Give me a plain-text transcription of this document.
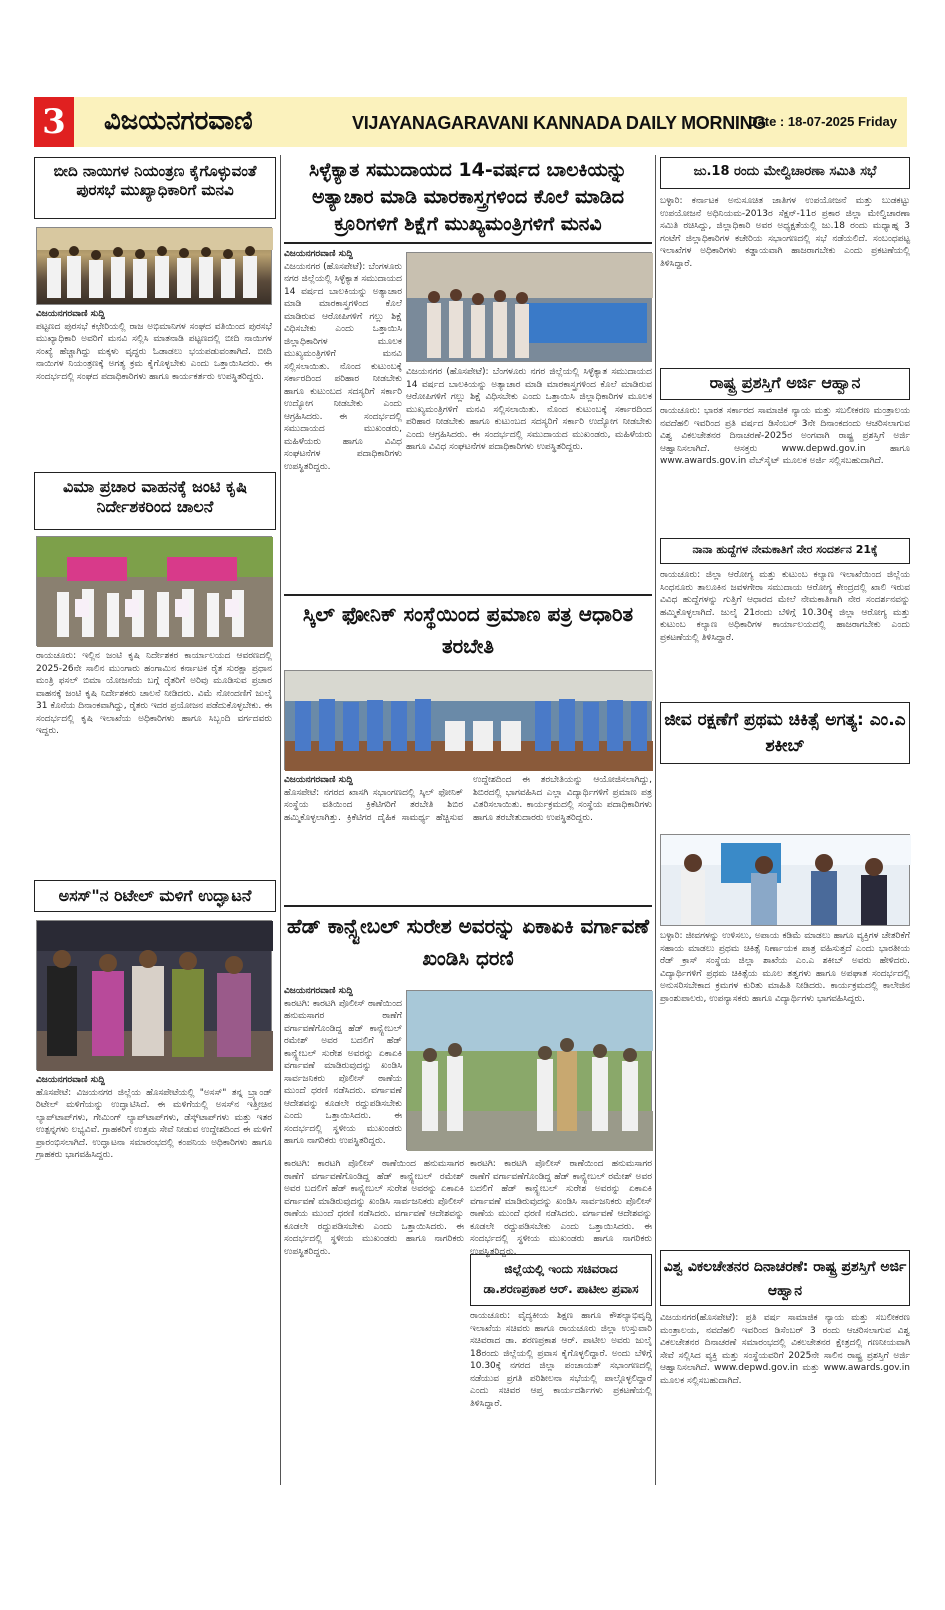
3	ವಿಜಯನಗರವಾಣಿ	VIJAYANAGARAVANI KANNADA DAILY MORNING
Date : 18-07-2025 Friday
ಬೀದಿ ನಾಯಿಗಳ ನಿಯಂತ್ರಣ ಕೈಗೊಳ್ಳುವಂತೆ ಪುರಸಭೆ ಮುಖ್ಯಾಧಿಕಾರಿಗೆ ಮನವಿ
ವಿಜಯನಗರವಾಣಿ ಸುದ್ದಿ
ಪಟ್ಟಣದ ಪುರಸಭೆ ಕಛೇರಿಯಲ್ಲಿ ರಾಜ ಅಭಿಮಾನಿಗಳ ಸಂಘದ ವತಿಯಿಂದ ಪುರಸಭೆ ಮುಖ್ಯಾಧಿಕಾರಿ ಅವರಿಗೆ ಮನವಿ ಸಲ್ಲಿಸಿ ಮಾತನಾಡಿ ಪಟ್ಟಣದಲ್ಲಿ ಬೀದಿ ನಾಯಿಗಳ ಸಂಖ್ಯೆ ಹೆಚ್ಚಾಗಿದ್ದು ಮಕ್ಕಳು ವೃದ್ಧರು ಓಡಾಡಲು ಭಯಪಡುವಂತಾಗಿದೆ. ಬೀದಿ ನಾಯಿಗಳ ನಿಯಂತ್ರಣಕ್ಕೆ ಅಗತ್ಯ ಕ್ರಮ ಕೈಗೊಳ್ಳಬೇಕು ಎಂದು ಒತ್ತಾಯಿಸಿದರು. ಈ ಸಂದರ್ಭದಲ್ಲಿ ಸಂಘದ ಪದಾಧಿಕಾರಿಗಳು ಹಾಗೂ ಕಾರ್ಯಕರ್ತರು ಉಪಸ್ಥಿತರಿದ್ದರು.
ವಿಮಾ ಪ್ರಚಾರ ವಾಹನಕ್ಕೆ ಜಂಟಿ ಕೃಷಿ ನಿರ್ದೇಶಕರಿಂದ ಚಾಲನೆ
ರಾಯಚೂರು: ಇಲ್ಲಿನ ಜಂಟಿ ಕೃಷಿ ನಿರ್ದೇಶಕರ ಕಾರ್ಯಾಲಯದ ಆವರಣದಲ್ಲಿ 2025-26ನೇ ಸಾಲಿನ ಮುಂಗಾರು ಹಂಗಾಮಿನ ಕರ್ನಾಟಕ ರೈತ ಸುರಕ್ಷಾ ಪ್ರಧಾನ ಮಂತ್ರಿ ಫಸಲ್ ಬಿಮಾ ಯೋಜನೆಯ ಬಗ್ಗೆ ರೈತರಿಗೆ ಅರಿವು ಮೂಡಿಸುವ ಪ್ರಚಾರ ವಾಹನಕ್ಕೆ ಜಂಟಿ ಕೃಷಿ ನಿರ್ದೇಶಕರು ಚಾಲನೆ ನೀಡಿದರು. ವಿಮೆ ನೋಂದಣಿಗೆ ಜುಲೈ 31 ಕೊನೆಯ ದಿನಾಂಕವಾಗಿದ್ದು, ರೈತರು ಇದರ ಪ್ರಯೋಜನ ಪಡೆದುಕೊಳ್ಳಬೇಕು. ಈ ಸಂದರ್ಭದಲ್ಲಿ ಕೃಷಿ ಇಲಾಖೆಯ ಅಧಿಕಾರಿಗಳು ಹಾಗೂ ಸಿಬ್ಬಂದಿ ವರ್ಗದವರು ಇದ್ದರು.
ಅಸಸ್"ನ ರಿಟೇಲ್ ಮಳಿಗೆ ಉದ್ಘಾಟನೆ
ವಿಜಯನಗರವಾಣಿ ಸುದ್ದಿ
ಹೊಸಪೇಟೆ: ವಿಜಯನಗರ ಜಿಲ್ಲೆಯ ಹೊಸಪೇಟೆಯಲ್ಲಿ "ಅಸಸ್" ತನ್ನ ಬ್ರ್ಯಾಂಡ್ ರಿಟೇಲ್ ಮಳಿಗೆಯನ್ನು ಉದ್ಘಾಟಿಸಿದೆ. ಈ ಮಳಿಗೆಯಲ್ಲಿ ಅಸಸ್‌ನ ಇತ್ತೀಚಿನ ಲ್ಯಾಪ್‌ಟಾಪ್‌ಗಳು, ಗೇಮಿಂಗ್ ಲ್ಯಾಪ್‌ಟಾಪ್‌ಗಳು, ಡೆಸ್ಕ್‌ಟಾಪ್‌ಗಳು ಮತ್ತು ಇತರ ಉತ್ಪನ್ನಗಳು ಲಭ್ಯವಿವೆ. ಗ್ರಾಹಕರಿಗೆ ಉತ್ತಮ ಸೇವೆ ನೀಡುವ ಉದ್ದೇಶದಿಂದ ಈ ಮಳಿಗೆ ಪ್ರಾರಂಭಿಸಲಾಗಿದೆ. ಉದ್ಘಾಟನಾ ಸಮಾರಂಭದಲ್ಲಿ ಕಂಪನಿಯ ಅಧಿಕಾರಿಗಳು ಹಾಗೂ ಗ್ರಾಹಕರು ಭಾಗವಹಿಸಿದ್ದರು.
ಸಿಳ್ಳೆಕ್ಯಾತ ಸಮುದಾಯದ 14-ವರ್ಷದ ಬಾಲಕಿಯನ್ನು ಅತ್ಯಾಚಾರ ಮಾಡಿ ಮಾರಕಾಸ್ತ್ರಗಳಿಂದ ಕೊಲೆ ಮಾಡಿದ ಕ್ರೂರಿಗಳಿಗೆ ಶಿಕ್ಷೆಗೆ ಮುಖ್ಯಮಂತ್ರಿಗಳಿಗೆ ಮನವಿ
ವಿಜಯನಗರವಾಣಿ ಸುದ್ದಿ
ವಿಜಯನಗರ (ಹೊಸಪೇಟೆ): ಬೆಂಗಳೂರು ನಗರ ಜಿಲ್ಲೆಯಲ್ಲಿ ಸಿಳ್ಳೆಕ್ಯಾತ ಸಮುದಾಯದ 14 ವರ್ಷದ ಬಾಲಕಿಯನ್ನು ಅತ್ಯಾಚಾರ ಮಾಡಿ ಮಾರಕಾಸ್ತ್ರಗಳಿಂದ ಕೊಲೆ ಮಾಡಿರುವ ಆರೋಪಿಗಳಿಗೆ ಗಲ್ಲು ಶಿಕ್ಷೆ ವಿಧಿಸಬೇಕು ಎಂದು ಒತ್ತಾಯಿಸಿ ಜಿಲ್ಲಾಧಿಕಾರಿಗಳ ಮೂಲಕ ಮುಖ್ಯಮಂತ್ರಿಗಳಿಗೆ ಮನವಿ ಸಲ್ಲಿಸಲಾಯಿತು. ನೊಂದ ಕುಟುಂಬಕ್ಕೆ ಸರ್ಕಾರದಿಂದ ಪರಿಹಾರ ನೀಡಬೇಕು ಹಾಗೂ ಕುಟುಂಬದ ಸದಸ್ಯರಿಗೆ ಸರ್ಕಾರಿ ಉದ್ಯೋಗ ನೀಡಬೇಕು ಎಂದು ಆಗ್ರಹಿಸಿದರು. ಈ ಸಂದರ್ಭದಲ್ಲಿ ಸಮುದಾಯದ ಮುಖಂಡರು, ಮಹಿಳೆಯರು ಹಾಗೂ ವಿವಿಧ ಸಂಘಟನೆಗಳ ಪದಾಧಿಕಾರಿಗಳು ಉಪಸ್ಥಿತರಿದ್ದರು.
ವಿಜಯನಗರ (ಹೊಸಪೇಟೆ): ಬೆಂಗಳೂರು ನಗರ ಜಿಲ್ಲೆಯಲ್ಲಿ ಸಿಳ್ಳೆಕ್ಯಾತ ಸಮುದಾಯದ 14 ವರ್ಷದ ಬಾಲಕಿಯನ್ನು ಅತ್ಯಾಚಾರ ಮಾಡಿ ಮಾರಕಾಸ್ತ್ರಗಳಿಂದ ಕೊಲೆ ಮಾಡಿರುವ ಆರೋಪಿಗಳಿಗೆ ಗಲ್ಲು ಶಿಕ್ಷೆ ವಿಧಿಸಬೇಕು ಎಂದು ಒತ್ತಾಯಿಸಿ ಜಿಲ್ಲಾಧಿಕಾರಿಗಳ ಮೂಲಕ ಮುಖ್ಯಮಂತ್ರಿಗಳಿಗೆ ಮನವಿ ಸಲ್ಲಿಸಲಾಯಿತು. ನೊಂದ ಕುಟುಂಬಕ್ಕೆ ಸರ್ಕಾರದಿಂದ ಪರಿಹಾರ ನೀಡಬೇಕು ಹಾಗೂ ಕುಟುಂಬದ ಸದಸ್ಯರಿಗೆ ಸರ್ಕಾರಿ ಉದ್ಯೋಗ ನೀಡಬೇಕು ಎಂದು ಆಗ್ರಹಿಸಿದರು. ಈ ಸಂದರ್ಭದಲ್ಲಿ ಸಮುದಾಯದ ಮುಖಂಡರು, ಮಹಿಳೆಯರು ಹಾಗೂ ವಿವಿಧ ಸಂಘಟನೆಗಳ ಪದಾಧಿಕಾರಿಗಳು ಉಪಸ್ಥಿತರಿದ್ದರು.
ಸ್ಕಿಲ್ ಫೋನಿಕ್ ಸಂಸ್ಥೆಯಿಂದ ಪ್ರಮಾಣ ಪತ್ರ ಆಧಾರಿತ ತರಬೇತಿ
ವಿಜಯನಗರವಾಣಿ ಸುದ್ದಿ
ಹೊಸಪೇಟೆ: ನಗರದ ಖಾಸಗಿ ಸಭಾಂಗಣದಲ್ಲಿ ಸ್ಕಿಲ್ ಫೋನಿಕ್ ಸಂಸ್ಥೆಯ ವತಿಯಿಂದ ಕ್ರಿಕೆಟಿಗರಿಗೆ ತರಬೇತಿ ಶಿಬಿರ ಹಮ್ಮಿಕೊಳ್ಳಲಾಗಿತ್ತು. ಕ್ರಿಕೆಟಿಗರ ದೈಹಿಕ ಸಾಮರ್ಥ್ಯ ಹೆಚ್ಚಿಸುವ ಉದ್ದೇಶದಿಂದ ಈ ತರಬೇತಿಯನ್ನು ಆಯೋಜಿಸಲಾಗಿದ್ದು, ಶಿಬಿರದಲ್ಲಿ ಭಾಗವಹಿಸಿದ ಎಲ್ಲಾ ವಿದ್ಯಾರ್ಥಿಗಳಿಗೆ ಪ್ರಮಾಣ ಪತ್ರ ವಿತರಿಸಲಾಯಿತು. ಕಾರ್ಯಕ್ರಮದಲ್ಲಿ ಸಂಸ್ಥೆಯ ಪದಾಧಿಕಾರಿಗಳು ಹಾಗೂ ತರಬೇತುದಾರರು ಉಪಸ್ಥಿತರಿದ್ದರು.
ಹೆಡ್ ಕಾನ್ಸ್ಟೇಬಲ್ ಸುರೇಶ ಅವರನ್ನು ಏಕಾಏಕಿ ವರ್ಗಾವಣೆ ಖಂಡಿಸಿ ಧರಣಿ
ವಿಜಯನಗರವಾಣಿ ಸುದ್ದಿ
ಕಾರಟಗಿ: ಕಾರಟಗಿ ಪೊಲೀಸ್ ಠಾಣೆಯಿಂದ ಹನುಮಸಾಗರ ಠಾಣೆಗೆ ವರ್ಗಾವಣೆಗೊಂಡಿದ್ದ ಹೆಡ್ ಕಾನ್ಸ್ಟೇಬಲ್ ರಮೇಶ್ ಅವರ ಬದಲಿಗೆ ಹೆಡ್ ಕಾನ್ಸ್ಟೇಬಲ್ ಸುರೇಶ ಅವರನ್ನು ಏಕಾಏಕಿ ವರ್ಗಾವಣೆ ಮಾಡಿರುವುದನ್ನು ಖಂಡಿಸಿ ಸಾರ್ವಜನಿಕರು ಪೊಲೀಸ್ ಠಾಣೆಯ ಮುಂದೆ ಧರಣಿ ನಡೆಸಿದರು. ವರ್ಗಾವಣೆ ಆದೇಶವನ್ನು ಕೂಡಲೇ ರದ್ದುಪಡಿಸಬೇಕು ಎಂದು ಒತ್ತಾಯಿಸಿದರು. ಈ ಸಂದರ್ಭದಲ್ಲಿ ಸ್ಥಳೀಯ ಮುಖಂಡರು ಹಾಗೂ ನಾಗರಿಕರು ಉಪಸ್ಥಿತರಿದ್ದರು.
ಕಾರಟಗಿ: ಕಾರಟಗಿ ಪೊಲೀಸ್ ಠಾಣೆಯಿಂದ ಹನುಮಸಾಗರ ಠಾಣೆಗೆ ವರ್ಗಾವಣೆಗೊಂಡಿದ್ದ ಹೆಡ್ ಕಾನ್ಸ್ಟೇಬಲ್ ರಮೇಶ್ ಅವರ ಬದಲಿಗೆ ಹೆಡ್ ಕಾನ್ಸ್ಟೇಬಲ್ ಸುರೇಶ ಅವರನ್ನು ಏಕಾಏಕಿ ವರ್ಗಾವಣೆ ಮಾಡಿರುವುದನ್ನು ಖಂಡಿಸಿ ಸಾರ್ವಜನಿಕರು ಪೊಲೀಸ್ ಠಾಣೆಯ ಮುಂದೆ ಧರಣಿ ನಡೆಸಿದರು. ವರ್ಗಾವಣೆ ಆದೇಶವನ್ನು ಕೂಡಲೇ ರದ್ದುಪಡಿಸಬೇಕು ಎಂದು ಒತ್ತಾಯಿಸಿದರು. ಈ ಸಂದರ್ಭದಲ್ಲಿ ಸ್ಥಳೀಯ ಮುಖಂಡರು ಹಾಗೂ ನಾಗರಿಕರು ಉಪಸ್ಥಿತರಿದ್ದರು.
ಜಿಲ್ಲೆಯಲ್ಲಿ ಇಂದು ಸಚಿವರಾದ ಡಾ.ಶರಣಪ್ರಕಾಶ ಆರ್. ಪಾಟೀಲ ಪ್ರವಾಸ
ರಾಯಚೂರು: ವೈದ್ಯಕೀಯ ಶಿಕ್ಷಣ ಹಾಗೂ ಕೌಶಲ್ಯಾಭಿವೃದ್ಧಿ ಇಲಾಖೆಯ ಸಚಿವರು ಹಾಗೂ ರಾಯಚೂರು ಜಿಲ್ಲಾ ಉಸ್ತುವಾರಿ ಸಚಿವರಾದ ಡಾ. ಶರಣಪ್ರಕಾಶ ಆರ್. ಪಾಟೀಲ ಅವರು ಜುಲೈ 18ರಂದು ಜಿಲ್ಲೆಯಲ್ಲಿ ಪ್ರವಾಸ ಕೈಗೊಳ್ಳಲಿದ್ದಾರೆ. ಅಂದು ಬೆಳಿಗ್ಗೆ 10.30ಕ್ಕೆ ನಗರದ ಜಿಲ್ಲಾ ಪಂಚಾಯತ್ ಸಭಾಂಗಣದಲ್ಲಿ ನಡೆಯುವ ಪ್ರಗತಿ ಪರಿಶೀಲನಾ ಸಭೆಯಲ್ಲಿ ಪಾಲ್ಗೊಳ್ಳಲಿದ್ದಾರೆ ಎಂದು ಸಚಿವರ ಆಪ್ತ ಕಾರ್ಯದರ್ಶಿಗಳು ಪ್ರಕಟಣೆಯಲ್ಲಿ ತಿಳಿಸಿದ್ದಾರೆ.
ಕಾರಟಗಿ: ಕಾರಟಗಿ ಪೊಲೀಸ್ ಠಾಣೆಯಿಂದ ಹನುಮಸಾಗರ ಠಾಣೆಗೆ ವರ್ಗಾವಣೆಗೊಂಡಿದ್ದ ಹೆಡ್ ಕಾನ್ಸ್ಟೇಬಲ್ ರಮೇಶ್ ಅವರ ಬದಲಿಗೆ ಹೆಡ್ ಕಾನ್ಸ್ಟೇಬಲ್ ಸುರೇಶ ಅವರನ್ನು ಏಕಾಏಕಿ ವರ್ಗಾವಣೆ ಮಾಡಿರುವುದನ್ನು ಖಂಡಿಸಿ ಸಾರ್ವಜನಿಕರು ಪೊಲೀಸ್ ಠಾಣೆಯ ಮುಂದೆ ಧರಣಿ ನಡೆಸಿದರು. ವರ್ಗಾವಣೆ ಆದೇಶವನ್ನು ಕೂಡಲೇ ರದ್ದುಪಡಿಸಬೇಕು ಎಂದು ಒತ್ತಾಯಿಸಿದರು. ಈ ಸಂದರ್ಭದಲ್ಲಿ ಸ್ಥಳೀಯ ಮುಖಂಡರು ಹಾಗೂ ನಾಗರಿಕರು ಉಪಸ್ಥಿತರಿದ್ದರು.
ಜು.18 ರಂದು ಮೇಲ್ವಿಚಾರಣಾ ಸಮಿತಿ ಸಭೆ
ಬಳ್ಳಾರಿ: ಕರ್ನಾಟಕ ಅನುಸೂಚಿತ ಜಾತಿಗಳ ಉಪಯೋಜನೆ ಮತ್ತು ಬುಡಕಟ್ಟು ಉಪಯೋಜನೆ ಅಧಿನಿಯಮ-2013ರ ಸೆಕ್ಷನ್-11ರ ಪ್ರಕಾರ ಜಿಲ್ಲಾ ಮೇಲ್ವಿಚಾರಣಾ ಸಮಿತಿ ರಚಿಸಿದ್ದು, ಜಿಲ್ಲಾಧಿಕಾರಿ ಅವರ ಅಧ್ಯಕ್ಷತೆಯಲ್ಲಿ ಜು.18 ರಂದು ಮಧ್ಯಾಹ್ನ 3 ಗಂಟೆಗೆ ಜಿಲ್ಲಾಧಿಕಾರಿಗಳ ಕಚೇರಿಯ ಸಭಾಂಗಣದಲ್ಲಿ ಸಭೆ ನಡೆಯಲಿದೆ. ಸಂಬಂಧಪಟ್ಟ ಇಲಾಖೆಗಳ ಅಧಿಕಾರಿಗಳು ಕಡ್ಡಾಯವಾಗಿ ಹಾಜರಾಗಬೇಕು ಎಂದು ಪ್ರಕಟಣೆಯಲ್ಲಿ ತಿಳಿಸಿದ್ದಾರೆ.
ರಾಷ್ಟ್ರ ಪ್ರಶಸ್ತಿಗೆ ಅರ್ಜಿ ಆಹ್ವಾನ
ರಾಯಚೂರು: ಭಾರತ ಸರ್ಕಾರದ ಸಾಮಾಜಿಕ ನ್ಯಾಯ ಮತ್ತು ಸಬಲೀಕರಣ ಮಂತ್ರಾಲಯ ನವದೆಹಲಿ ಇವರಿಂದ ಪ್ರತಿ ವರ್ಷದ ಡಿಸೆಂಬರ್ 3ನೇ ದಿನಾಂಕದಂದು ಆಚರಿಸಲಾಗುವ ವಿಶ್ವ ವಿಕಲಚೇತನರ ದಿನಾಚರಣೆ-2025ರ ಅಂಗವಾಗಿ ರಾಷ್ಟ್ರ ಪ್ರಶಸ್ತಿಗೆ ಅರ್ಜಿ ಆಹ್ವಾನಿಸಲಾಗಿದೆ. ಆಸಕ್ತರು www.depwd.gov.in ಹಾಗೂ www.awards.gov.in ವೆಬ್‌ಸೈಟ್ ಮೂಲಕ ಅರ್ಜಿ ಸಲ್ಲಿಸಬಹುದಾಗಿದೆ.
ನಾನಾ ಹುದ್ದೆಗಳ ನೇಮಕಾತಿಗೆ ನೇರ ಸಂದರ್ಶನ 21ಕ್ಕೆ
ರಾಯಚೂರು: ಜಿಲ್ಲಾ ಆರೋಗ್ಯ ಮತ್ತು ಕುಟುಂಬ ಕಲ್ಯಾಣ ಇಲಾಖೆಯಿಂದ ಜಿಲ್ಲೆಯ ಸಿಂಧನೂರು ತಾಲೂಕಿನ ಜವಳಗೇರಾ ಸಮುದಾಯ ಆರೋಗ್ಯ ಕೇಂದ್ರದಲ್ಲಿ ಖಾಲಿ ಇರುವ ವಿವಿಧ ಹುದ್ದೆಗಳನ್ನು ಗುತ್ತಿಗೆ ಆಧಾರದ ಮೇಲೆ ನೇಮಕಾತಿಗಾಗಿ ನೇರ ಸಂದರ್ಶನವನ್ನು ಹಮ್ಮಿಕೊಳ್ಳಲಾಗಿದೆ. ಜುಲೈ 21ರಂದು ಬೆಳಿಗ್ಗೆ 10.30ಕ್ಕೆ ಜಿಲ್ಲಾ ಆರೋಗ್ಯ ಮತ್ತು ಕುಟುಂಬ ಕಲ್ಯಾಣ ಅಧಿಕಾರಿಗಳ ಕಾರ್ಯಾಲಯದಲ್ಲಿ ಹಾಜರಾಗಬೇಕು ಎಂದು ಪ್ರಕಟಣೆಯಲ್ಲಿ ತಿಳಿಸಿದ್ದಾರೆ.
ಜೀವ ರಕ್ಷಣೆಗೆ ಪ್ರಥಮ ಚಿಕಿತ್ಸೆ ಅಗತ್ಯ: ಎಂ.ಎ ಶಕೀಬ್
ಬಳ್ಳಾರಿ: ಜೀವಗಳನ್ನು ಉಳಿಸಲು, ಅಪಾಯ ಕಡಿಮೆ ಮಾಡಲು ಹಾಗೂ ವ್ಯಕ್ತಿಗಳ ಚೇತರಿಕೆಗೆ ಸಹಾಯ ಮಾಡಲು ಪ್ರಥಮ ಚಿಕಿತ್ಸೆ ನಿರ್ಣಾಯಕ ಪಾತ್ರ ವಹಿಸುತ್ತದೆ ಎಂದು ಭಾರತೀಯ ರೆಡ್ ಕ್ರಾಸ್ ಸಂಸ್ಥೆಯ ಜಿಲ್ಲಾ ಶಾಖೆಯ ಎಂ.ಎ ಶಕೀಬ್ ಅವರು ಹೇಳಿದರು. ವಿದ್ಯಾರ್ಥಿಗಳಿಗೆ ಪ್ರಥಮ ಚಿಕಿತ್ಸೆಯ ಮೂಲ ತತ್ವಗಳು ಹಾಗೂ ಅಪಘಾತ ಸಂದರ್ಭದಲ್ಲಿ ಅನುಸರಿಸಬೇಕಾದ ಕ್ರಮಗಳ ಕುರಿತು ಮಾಹಿತಿ ನೀಡಿದರು. ಕಾರ್ಯಕ್ರಮದಲ್ಲಿ ಕಾಲೇಜಿನ ಪ್ರಾಂಶುಪಾಲರು, ಉಪನ್ಯಾಸಕರು ಹಾಗೂ ವಿದ್ಯಾರ್ಥಿಗಳು ಭಾಗವಹಿಸಿದ್ದರು.
ವಿಶ್ವ ವಿಕಲಚೇತನರ ದಿನಾಚರಣೆ: ರಾಷ್ಟ್ರ ಪ್ರಶಸ್ತಿಗೆ ಅರ್ಜಿ ಆಹ್ವಾನ
ವಿಜಯನಗರ(ಹೊಸಪೇಟೆ): ಪ್ರತಿ ವರ್ಷ ಸಾಮಾಜಿಕ ನ್ಯಾಯ ಮತ್ತು ಸಬಲೀಕರಣ ಮಂತ್ರಾಲಯ, ನವದೆಹಲಿ ಇವರಿಂದ ಡಿಸೆಂಬರ್ 3 ರಂದು ಆಚರಿಸಲಾಗುವ ವಿಶ್ವ ವಿಕಲಚೇತನರ ದಿನಾಚರಣೆ ಸಮಾರಂಭದಲ್ಲಿ ವಿಕಲಚೇತನರ ಕ್ಷೇತ್ರದಲ್ಲಿ ಗಣನೀಯವಾಗಿ ಸೇವೆ ಸಲ್ಲಿಸಿದ ವ್ಯಕ್ತಿ ಮತ್ತು ಸಂಸ್ಥೆಯವರಿಗೆ 2025ನೇ ಸಾಲಿನ ರಾಷ್ಟ್ರ ಪ್ರಶಸ್ತಿಗೆ ಅರ್ಜಿ ಆಹ್ವಾನಿಸಲಾಗಿದೆ. www.depwd.gov.in ಮತ್ತು www.awards.gov.in ಮೂಲಕ ಸಲ್ಲಿಸಬಹುದಾಗಿದೆ.
